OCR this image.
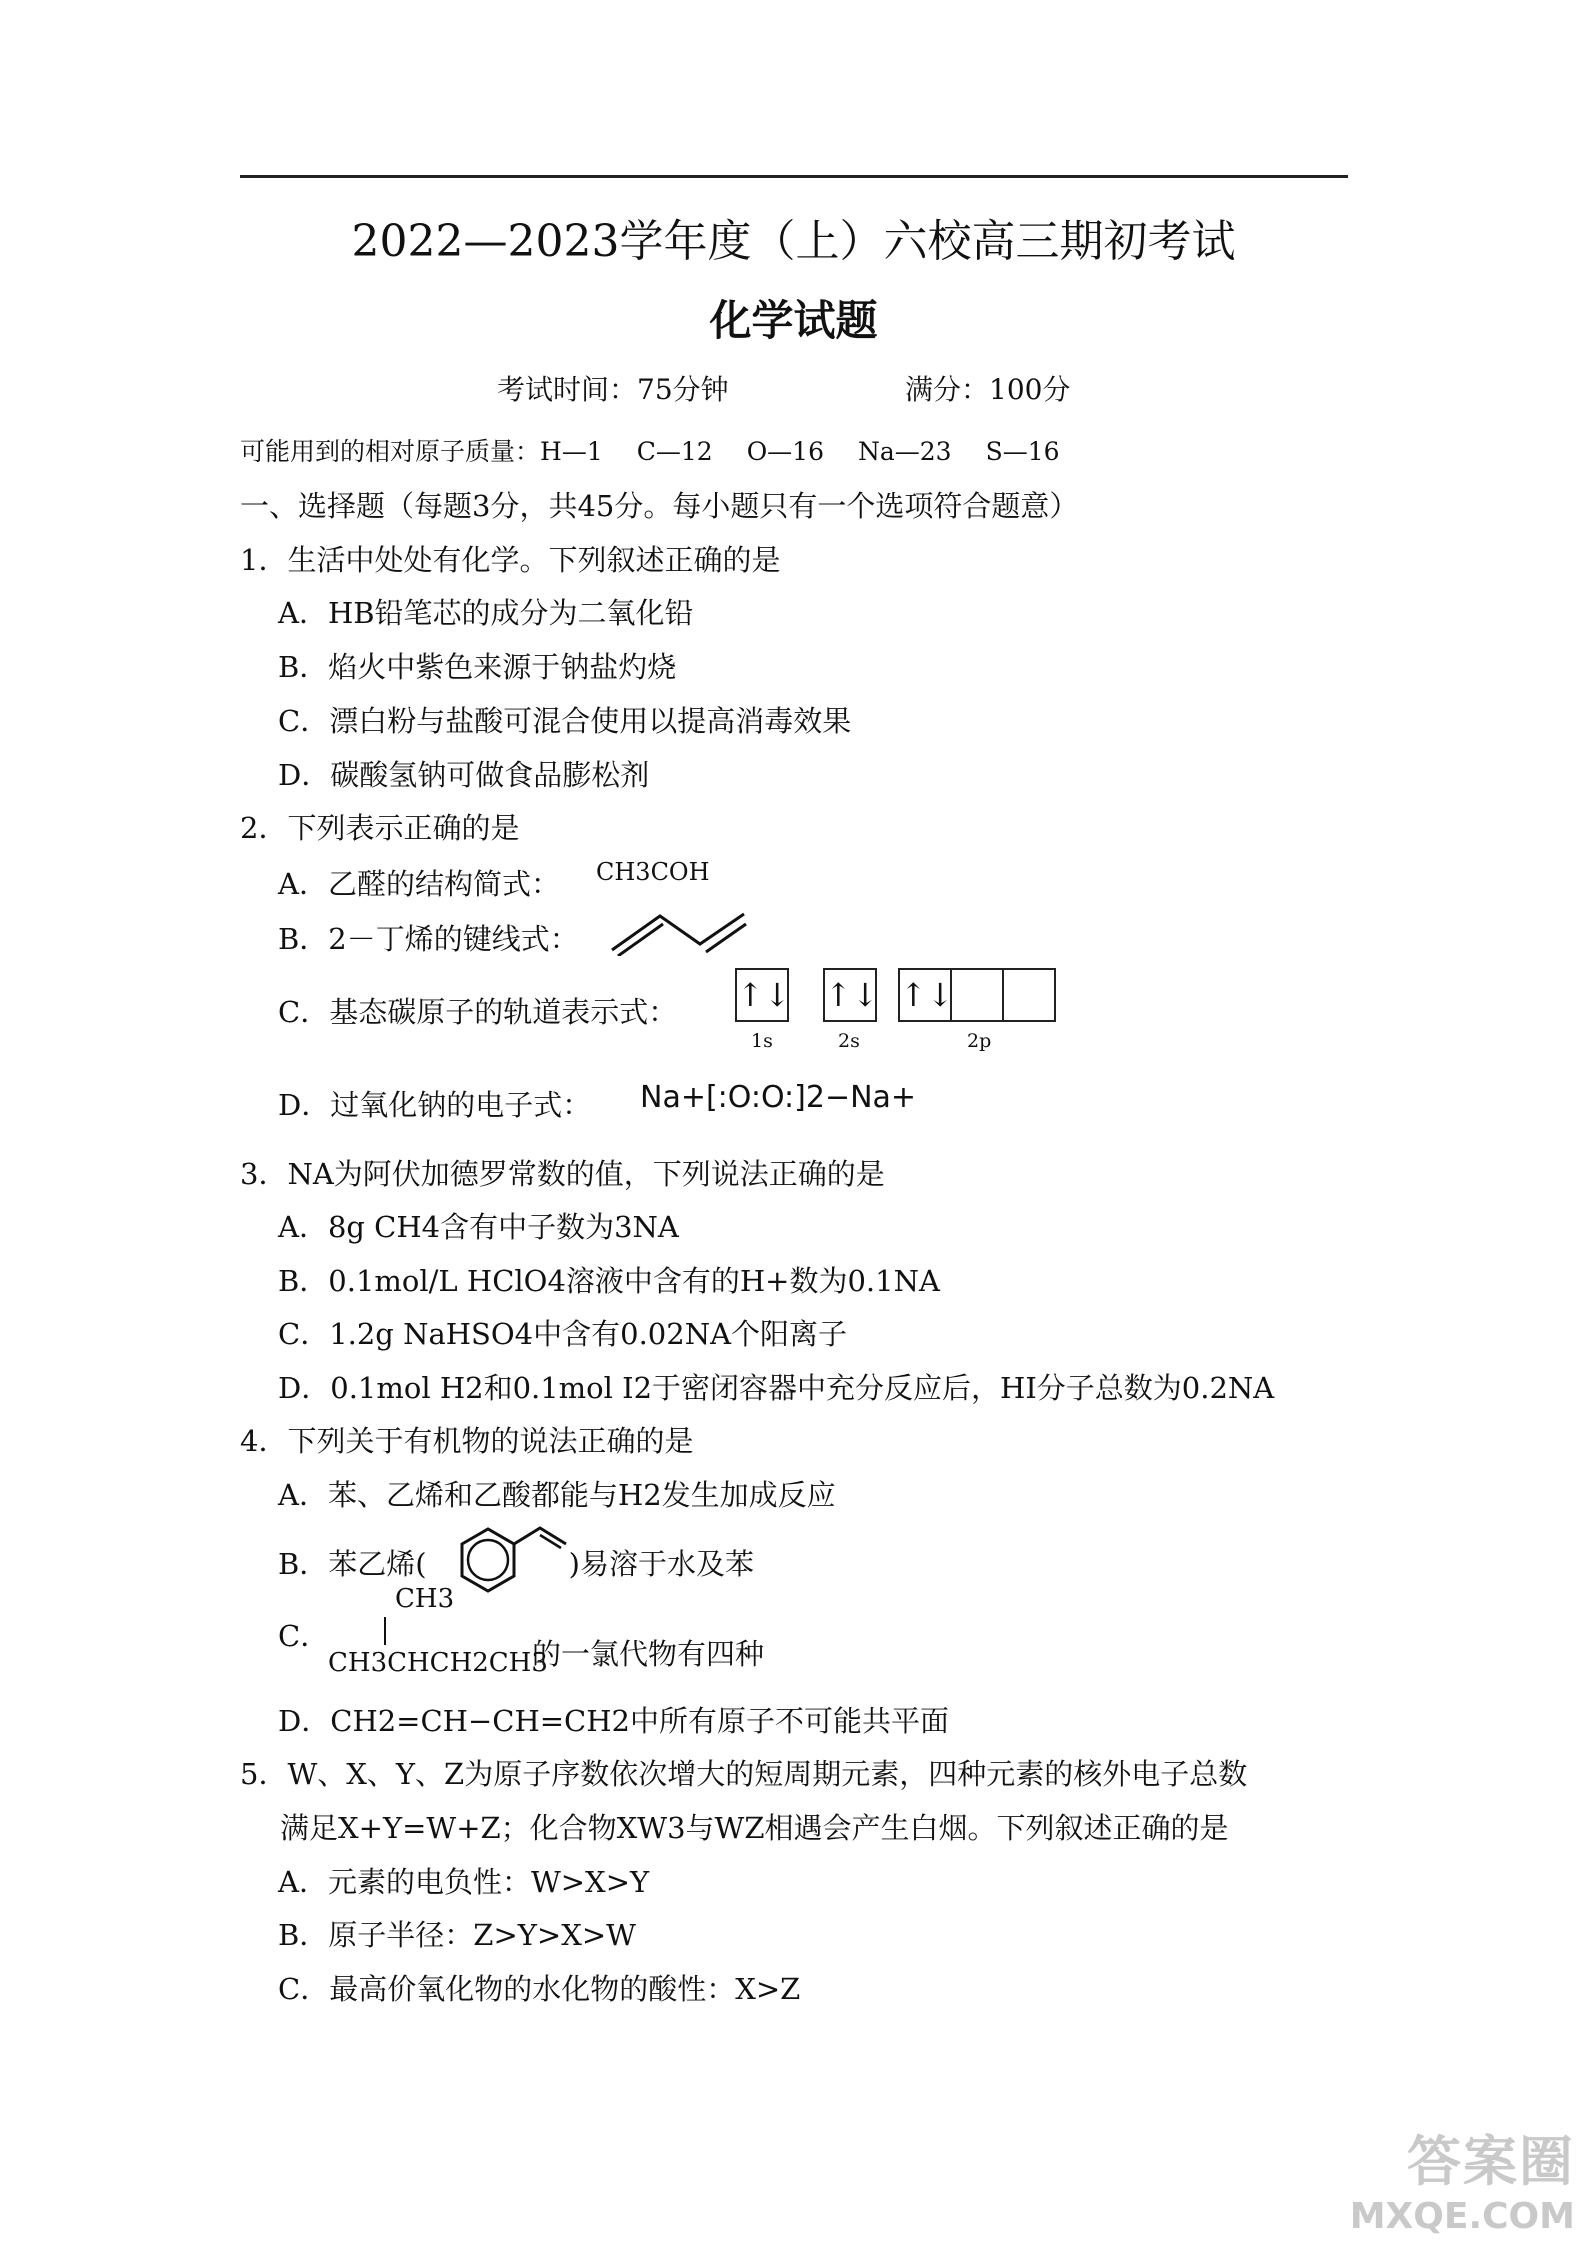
2022—2023学年度（上）六校高三期初考试
化学试题
考试时间：75分钟	满分：100分
可能用到的相对原子质量：H—1 C—12 O—16 Na—23 S—16
一、选择题（每题3分，共45分。每小题只有一个选项符合题意）
1．生活中处处有化学。下列叙述正确的是
A．HB铅笔芯的成分为二氧化铅
B．焰火中紫色来源于钠盐灼烧
C．漂白粉与盐酸可混合使用以提高消毒效果
D．碳酸氢钠可做食品膨松剂
2．下列表示正确的是
A．乙醛的结构简式： CH3COH
B．2－丁烯的键线式：
C．基态碳原子的轨道表示式： ↑↓ ↑↓ ↑↓
1s	2s	2p
D．过氧化钠的电子式： Na+[:O:O:]2−Na+
3．NA为阿伏加德罗常数的值，下列说法正确的是
A．8g CH4含有中子数为3NA
B．0.1mol/L HClO4溶液中含有的H+数为0.1NA
C．1.2g NaHSO4中含有0.02NA个阳离子
D．0.1mol H2和0.1mol I2于密闭容器中充分反应后，HI分子总数为0.2NA
4．下列关于有机物的说法正确的是
A．苯、乙烯和乙酸都能与H2发生加成反应
B．苯乙烯(	)易溶于水及苯
C．
CH3
CH3CHCH2CH3
的一氯代物有四种
D．CH2=CH−CH=CH2中所有原子不可能共平面
5．W、X、Y、Z为原子序数依次增大的短周期元素，四种元素的核外电子总数
满足X+Y=W+Z；化合物XW3与WZ相遇会产生白烟。下列叙述正确的是
A．元素的电负性：W>X>Y
B．原子半径：Z>Y>X>W
C．最高价氧化物的水化物的酸性：X>Z
答案圈
MXQE.COM
